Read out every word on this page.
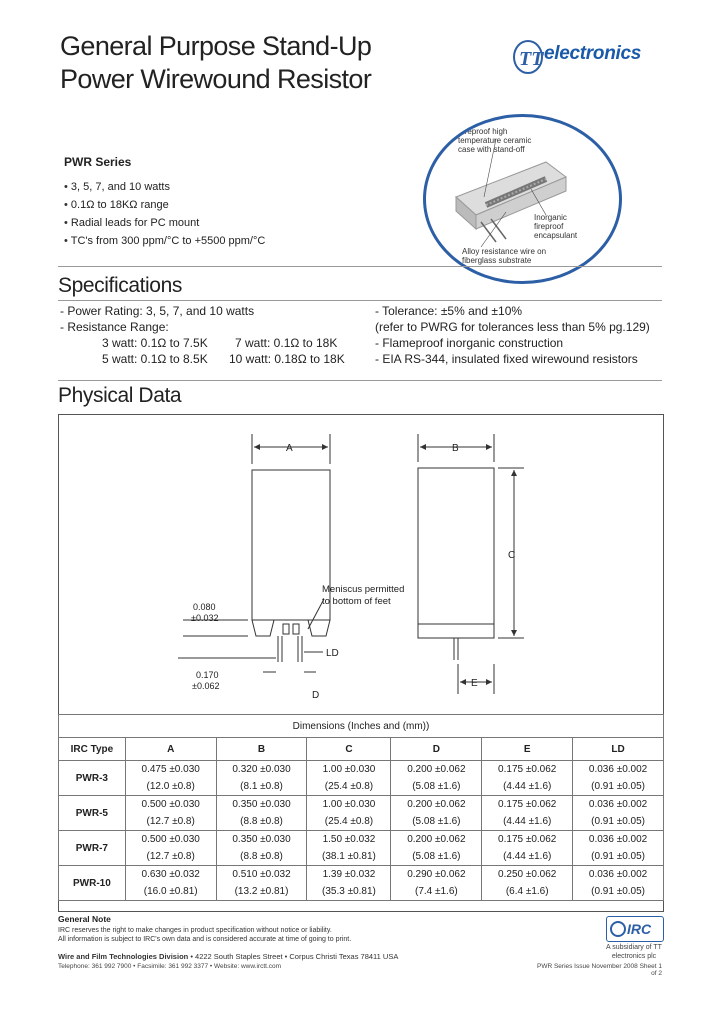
General Purpose Stand-Up
Power Wirewound Resistor
TT electronics
PWR Series
• 3, 5, 7, and 10 watts
• 0.1Ω to 18KΩ range
• Radial leads for PC mount
• TC's from 300 ppm/°C to +5500 ppm/°C
Fireproof high temperature ceramic case with stand-off
Inorganic fireproof encapsulant
Alloy resistance wire on fiberglass substrate
Specifications
- Power Rating: 3, 5, 7, and 10 watts
- Resistance Range:
3 watt: 0.1Ω to 7.5K 7 watt: 0.1Ω to 18K
5 watt: 0.1Ω to 8.5K 10 watt: 0.18Ω to 18K
- Tolerance: ±5% and ±10%
(refer to PWRG for tolerances less than 5% pg.129)
- Flameproof inorganic construction
- EIA RS-344, insulated fixed wirewound resistors
Physical Data
A	B
C
D
E
LD
0.080
±0.032
0.170
±0.062
Meniscus permitted to bottom of feet
Dimensions (Inches and (mm))						
IRC Type	A	B	C	D	E	LD
PWR-3	0.475 ±0.030	0.320 ±0.030	1.00 ±0.030	0.200 ±0.062	0.175 ±0.062	0.036 ±0.002
	(12.0 ±0.8)	(8.1 ±0.8)	(25.4 ±0.8)	(5.08 ±1.6)	(4.44 ±1.6)	(0.91 ±0.05)
PWR-5	0.500 ±0.030	0.350 ±0.030	1.00 ±0.030	0.200 ±0.062	0.175 ±0.062	0.036 ±0.002
	(12.7 ±0.8)	(8.8 ±0.8)	(25.4 ±0.8)	(5.08 ±1.6)	(4.44 ±1.6)	(0.91 ±0.05)
PWR-7	0.500 ±0.030	0.350 ±0.030	1.50 ±0.032	0.200 ±0.062	0.175 ±0.062	0.036 ±0.002
	(12.7 ±0.8)	(8.8 ±0.8)	(38.1 ±0.81)	(5.08 ±1.6)	(4.44 ±1.6)	(0.91 ±0.05)
PWR-10	0.630 ±0.032	0.510 ±0.032	1.39 ±0.032	0.290 ±0.062	0.250 ±0.062	0.036 ±0.002
	(16.0 ±0.81)	(13.2 ±0.81)	(35.3 ±0.81)	(7.4 ±1.6)	(6.4 ±1.6)	(0.91 ±0.05)
General Note
IRC reserves the right to make changes in product specification without notice or liability.
All information is subject to IRC's own data and is considered accurate at time of going to print.
Wire and Film Technologies Division • 4222 South Staples Street • Corpus Christi Texas 78411 USA
Telephone: 361 992 7900 • Facsimile: 361 992 3377 • Website: www.irctt.com
IRC
A subsidiary of TT electronics plc
PWR Series Issue November 2008 Sheet 1 of 2
